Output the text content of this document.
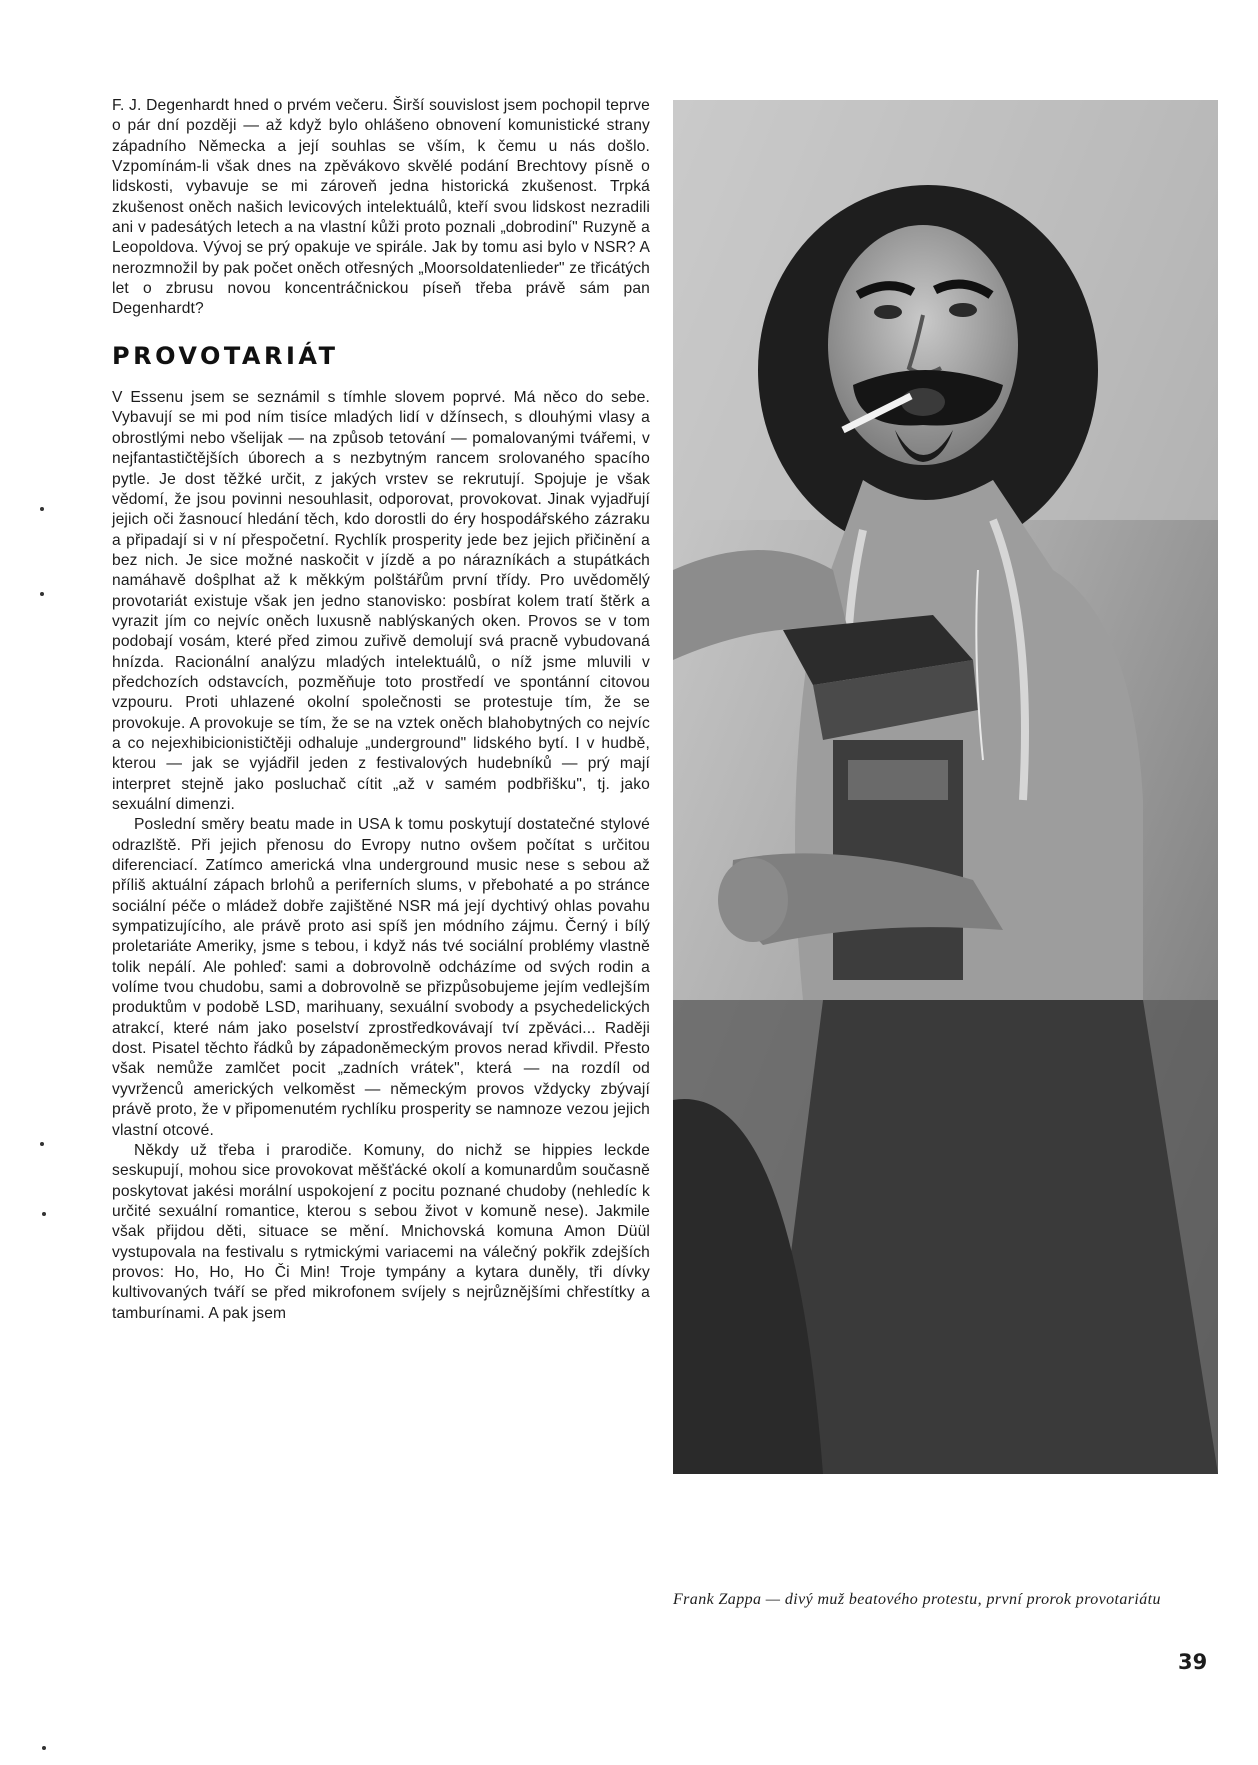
F. J. Degenhardt hned o prvém večeru. Širší souvislost jsem pochopil teprve o pár dní později — až když bylo ohlášeno obnovení komunistické strany západního Německa a její souhlas se vším, k čemu u nás došlo. Vzpomínám-li však dnes na zpěvákovo skvělé podání Brechtovy písně o lidskosti, vybavuje se mi zároveň jedna historická zkušenost. Trpká zkušenost oněch našich levicových intelektuálů, kteří svou lidskost nezradili ani v padesátých letech a na vlastní kůži proto poznali „dobrodiní" Ruzyně a Leopoldova. Vývoj se prý opakuje ve spirále. Jak by tomu asi bylo v NSR? A nerozmnožil by pak počet oněch otřesných „Moorsoldatenlieder" ze třicátých let o zbrusu novou koncentráčnickou píseň třeba právě sám pan Degenhardt?

PROVOTARIÁT

V Essenu jsem se seznámil s tímhle slovem poprvé. Má něco do sebe. Vybavují se mi pod ním tisíce mladých lidí v džínsech, s dlouhými vlasy a obrostlými nebo všelijak — na způsob tetování — pomalovanými tvářemi, v nejfantastičtějších úborech a s nezbytným rancem srolovaného spacího pytle. Je dost těžké určit, z jakých vrstev se rekrutují. Spojuje je však vědomí, že jsou povinni nesouhlasit, odporovat, provokovat. Jinak vyjadřují jejich oči žasnoucí hledání těch, kdo dorostli do éry hospodářského zázraku a připadají si v ní přespočetní. Rychlík prosperity jede bez jejich přičinění a bez nich. Je sice možné naskočit v jízdě a po nárazníkách a stupátkách namáhavě doŝplhat až k měkkým polštářům první třídy. Pro uvědomělý provotariát existuje však jen jedno stanovisko: posbírat kolem tratí štěrk a vyrazit jím co nejvíc oněch luxusně nablýskaných oken. Provos se v tom podobají vosám, které před zimou zuřivě demolují svá pracně vybudovaná hnízda. Racionální analýzu mladých intelektuálů, o níž jsme mluvili v předchozích odstavcích, pozměňuje toto prostředí ve spontánní citovou vzpouru. Proti uhlazené okolní společnosti se protestuje tím, že se provokuje. A provokuje se tím, že se na vztek oněch blahobytných co nejvíc a co nejexhibicionističtěji odhaluje „underground" lidského bytí. I v hudbě, kterou — jak se vyjádřil jeden z festivalových hudebníků — prý mají interpret stejně jako posluchač cítit „až v samém podbřišku", tj. jako sexuální dimenzi.

Poslední směry beatu made in USA k tomu poskytují dostatečné stylové odrazlště. Při jejich přenosu do Evropy nutno ovšem počítat s určitou diferenciací. Zatímco americká vlna underground music nese s sebou až příliš aktuální zápach brlohů a periferních slums, v přebohaté a po stránce sociální péče o mládež dobře zajištěné NSR má její dychtivý ohlas povahu sympatizujícího, ale právě proto asi spíš jen módního zájmu. Černý i bílý proletariáte Ameriky, jsme s tebou, i když nás tvé sociální problémy vlastně tolik nepálí. Ale pohleď: sami a dobrovolně odcházíme od svých rodin a volíme tvou chudobu, sami a dobrovolně se přizpůsobujeme jejím vedlejším produktům v podobě LSD, marihuany, sexuální svobody a psychedelických atrakcí, které nám jako poselství zprostředkovávají tví zpěváci... Raději dost. Pisatel těchto řádků by západoněmeckým provos nerad křivdil. Přesto však nemůže zamlčet pocit „zadních vrátek", která — na rozdíl od vyvrženců amerických velkoměst — německým provos vždycky zbývají právě proto, že v připomenutém rychlíku prosperity se namnoze vezou jejich vlastní otcové.

Někdy už třeba i prarodiče. Komuny, do nichž se hippies leckde seskupují, mohou sice provokovat měšťácké okolí a komunardům současně poskytovat jakési morální uspokojení z pocitu poznané chudoby (nehledíc k určité sexuální romantice, kterou s sebou život v komuně nese). Jakmile však přijdou děti, situace se mění. Mnichovská komuna Amon Düül vystupovala na festivalu s rytmickými variacemi na válečný pokřik zdejších provos: Ho, Ho, Ho Či Min! Troje tympány a kytara duněly, tři dívky kultivovaných tváří se před mikrofonem svíjely s nejrůznějšími chřestítky a tamburínami. A pak jsem

Frank Zappa — divý muž beatového protestu, první prorok provotariátu
39
